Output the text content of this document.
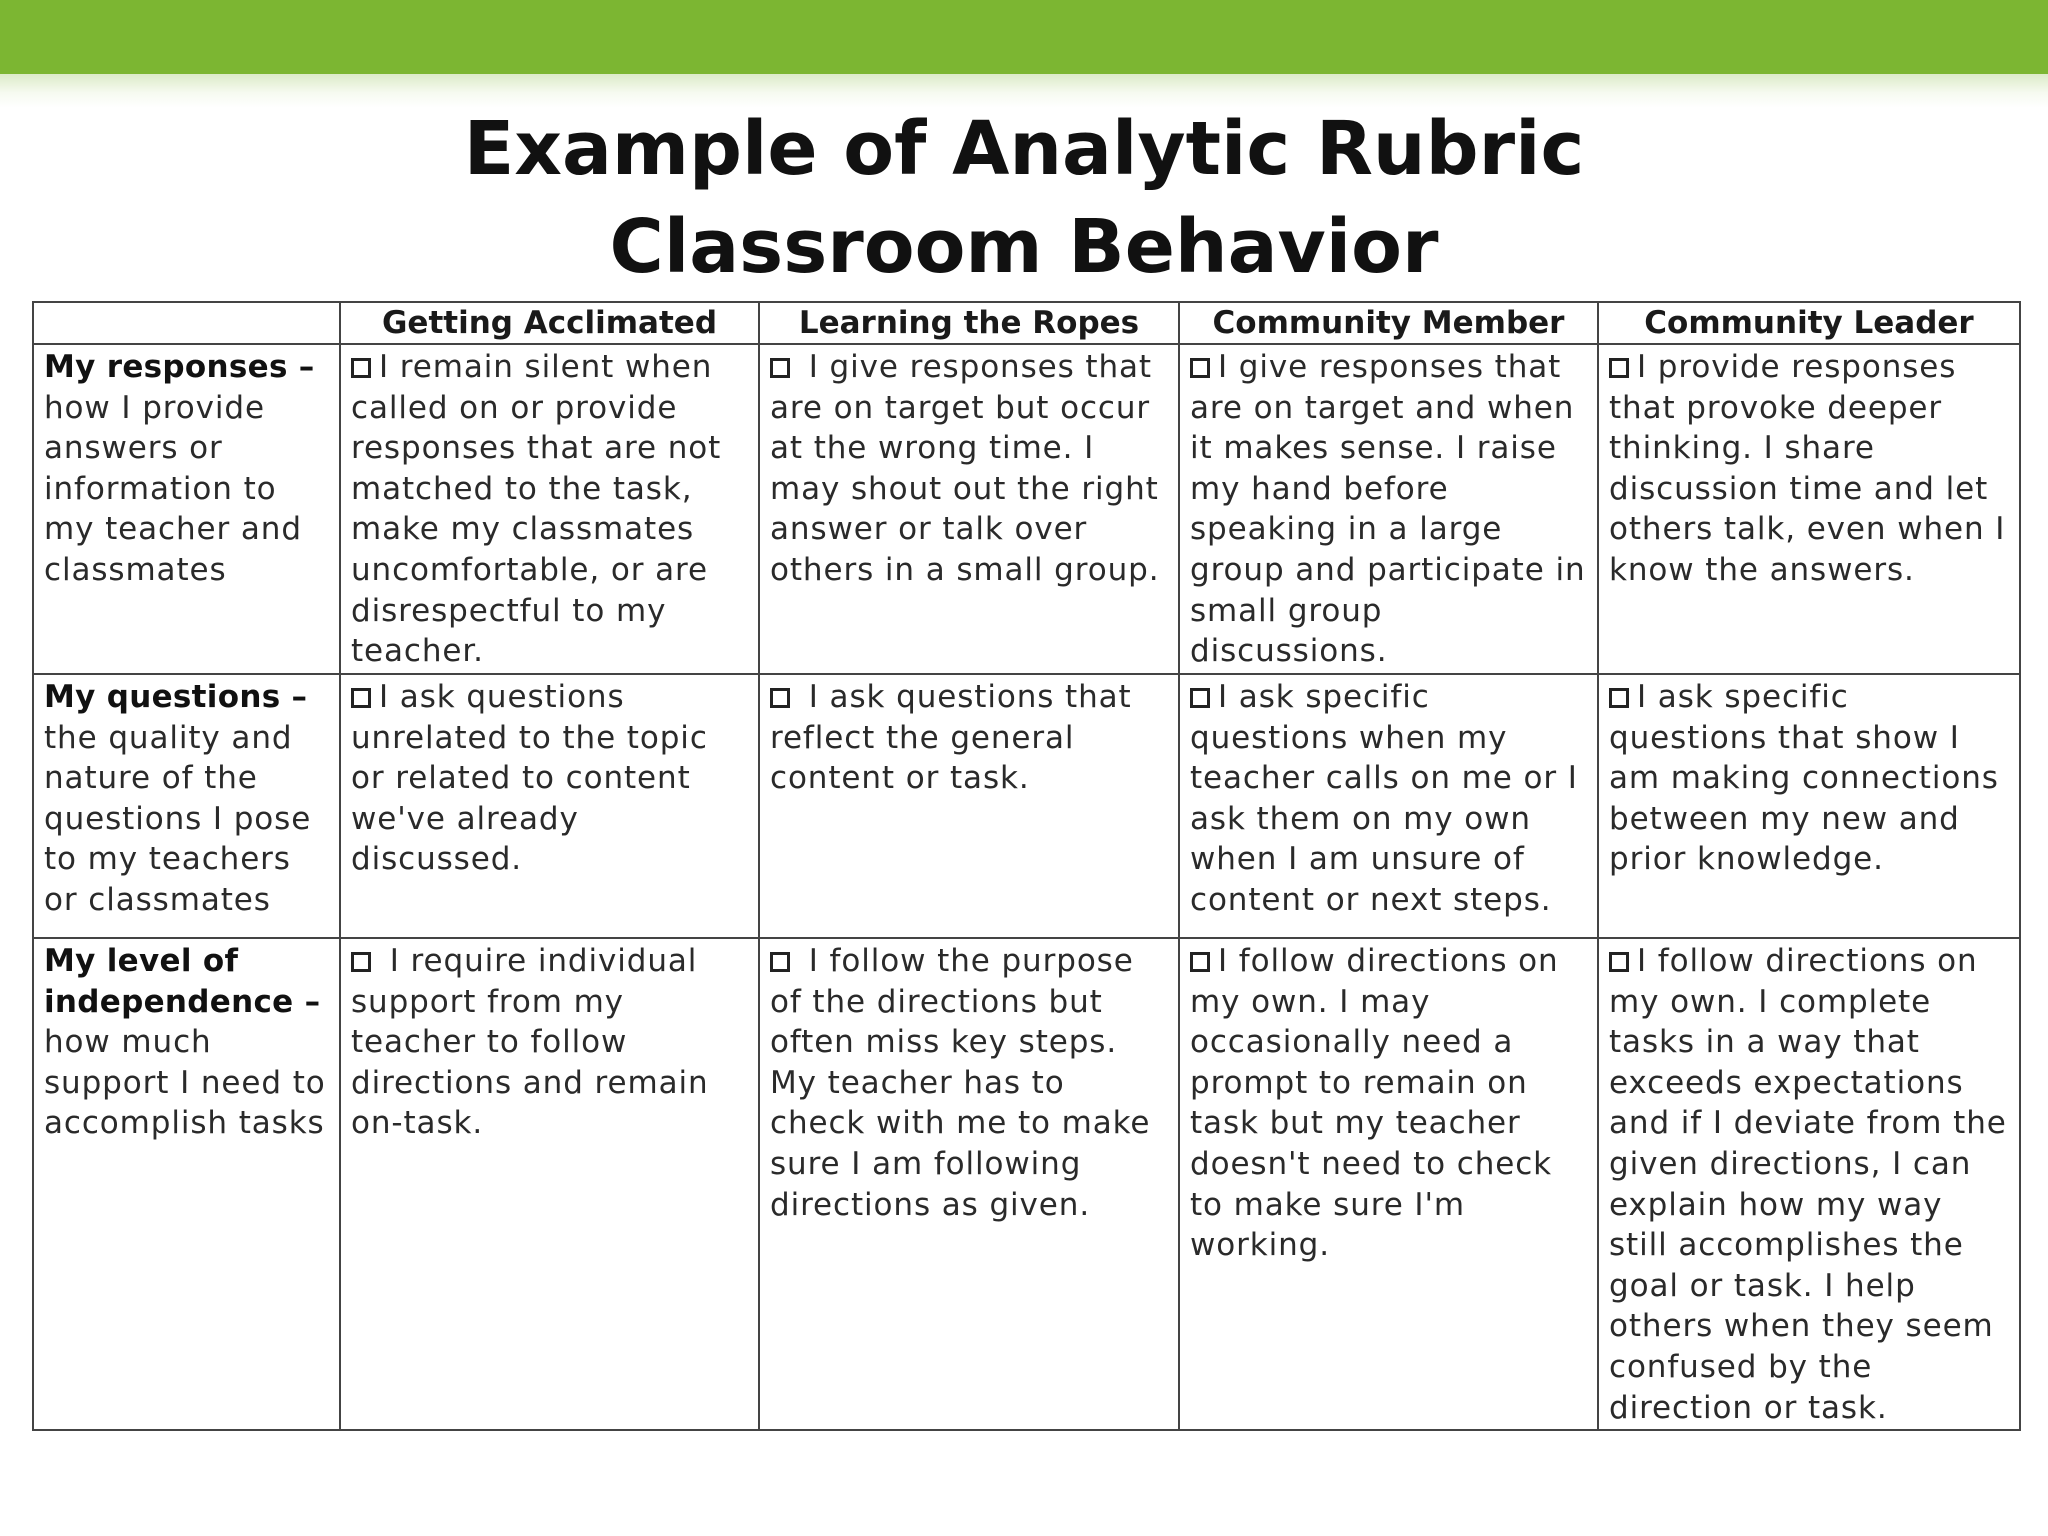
Example of Analytic Rubric
Classroom Behavior
	Getting Acclimated	Learning the Ropes	Community Member	Community Leader
My responses – how I provide answers or information to my teacher and classmates	I remain silent when called on or provide responses that are not matched to the task, make my classmates uncomfortable, or are disrespectful to my teacher.	I give responses that are on target but occur at the wrong time. I may shout out the right answer or talk over others in a small group.	I give responses that are on target and when it makes sense. I raise my hand before speaking in a large group and participate in small group discussions.	I provide responses that provoke deeper thinking. I share discussion time and let others talk, even when I know the answers.
My questions – the quality and nature of the questions I pose to my teachers or classmates	I ask questions unrelated to the topic or related to content we've already discussed.	I ask questions that reflect the general content or task.	I ask specific questions when my teacher calls on me or I ask them on my own when I am unsure of content or next steps.	I ask specific questions that show I am making connections between my new and prior knowledge.
My level of independence – how much support I need to accomplish tasks	I require individual support from my teacher to follow directions and remain on-task.	I follow the purpose of the directions but often miss key steps. My teacher has to check with me to make sure I am following directions as given.	I follow directions on my own. I may occasionally need a prompt to remain on task but my teacher doesn't need to check to make sure I'm working.	I follow directions on my own. I complete tasks in a way that exceeds expectations and if I deviate from the given directions, I can explain how my way still accomplishes the goal or task. I help others when they seem confused by the direction or task.
